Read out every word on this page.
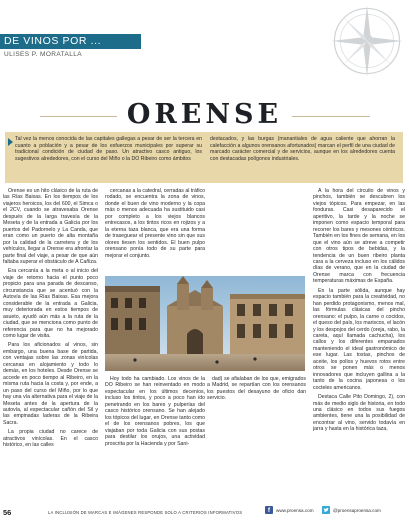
DE VINOS POR ...
ULISES P. MORATALLA
ORENSE
Tal vez la menos conocida de las capitales gallegas a pesar de ser la tercera en cuanto a población y a pesar de los esfuerzos municipales por superar su tradicional condición de ciudad de paso. Un atractivo casco antiguo, los sugestivos alrededores, con el curso del Miño o la DO Ribeiro como ámbitos
destacados, y las burgas (manantiales de agua caliente que ahorran la calefacción a algunos orensanos afortunados) marcan el perfil de una ciudad de marcado carácter comercial y de servicios, aunque en los alrededores cuenta con destacadas polígonos industriales.

Orense es un hito clásico de la ruta de las Rías Baixas. En los tiempos de los viajeros heroicos, los del 600, el Simca o el 2CV, cuando se atravesaba Orense después de la larga travesía de la Meseta y de la entrada a Galicia por los puertos del Padornelo y La Canda, que eran como un puerto de alta montaña por la calidad de la carretera y de los vehículos, llegar a Orense era afrontar la parte final del viaje, a pesar de que aún faltaba superar el obstáculo de A Cañiza.

Era cercanía a la meta o al inicio del viaje de retorno hacia el punto poco propicio para una parada de descanso, circunstancia que se acentuó con la Autovía de las Rías Baixas. Esa mejora considerable de la entrada a Galicia, muy deteriorada en estos tiempos de asueto, ayudó aún más a la ruta de la ciudad, que se menciona como punto de referencia para que no ha mejorado como lugar de visita.

Para los aficionados al vinos, sin embargo, una buena base de partida, con ventajas sobre las zonas vinícolas cercanas en alojamiento y todo lo demás, en los hoteles. Desde Orense se accede en poco tiempo al Ribeiro, en la misma ruta hacia la costa y, por ende, a un paso del curso del Miño, por lo que hay una vía alternativa para el viaje de la Meseta antes de la apertura de la autovía, al espectacular cañón del Sil y las empinadas laderas de la Ribeira Sacra.

La propia ciudad no carece de atractivos vinícolas. En el casco histórico, en las calles

cercanas a la catedral, cerradas al tráfico rodado, se encuentra la zona de vinos, donde el buen de vino moderno y la copa más o menos adecuada ha sustituido casi por completo a los viejos blancos entrecasos, a los tintos ricos en rojizos y a la eterna taza blanca, que era una forma de traseguear el presente vino sin que sus olores tiesen los sentidos. El buen pulpo orensano ponía todo de su parte para mejorar el conjunto.

Hoy todo ha cambiado. Los vinos de la DO Ribeiro se han reinventado en modo espectacular en los últimos decenios, incluso los tintos, y poco a poco han ido penetrando en los bares y pulperías del casco histórico orensano. Se han alejado los tópicos del lugar, en Orense tanto como el de los orensanos pobres, los que viajaban por toda Galicia con sus postas para destilar los orujos, una actividad proscrita por la Hacienda y por Sani-

dad) se afialaban de los que, emigrados a Madrid, se repartían con los orensanos los puestos del desayuno de oficio dan servicio.

A la hora del circuito de vinos y pinchos, también se descubren los viejos tópicos. Para empezar, en las fonduras. Casi desaparecido el aperitivo, la tarde y la noche se imponen como espacio temporal para recorrer los bares y mesones céntricos. También en los fines de semana, en los que el vino aún se atreve a competir con otros tipos de bebidas, y la tendencia de un buen ribeiro planta cara a la cerveza incluso en los cálidos días de verano, que en la ciudad de Orense marca con frecuencia temperaturas máximas de España.

En la parte sólida, aunque hay espacio también para la creatividad, no han perdido protagonismo, menos mal, las fórmulas clásicas del pincho orensano: el pulpo, la carne o cocidos, el queso del país, los mariscos, el lacón y los despojos del cerdo (oreja, rabo, la careta, aquí llamada cachucha), los callos y los diferentes empanados manteniendo el ideal gastronómico de ese lugar. Las tostas, pinchos de aceite, los pollos y huevos rotos entre otros se ponen más o menos innovadores que incluyen gallina a la tanto de la cocina japonesa o los cocteles americanos.

Destaca Calle Pito Domingo, 2), con más de medio siglo de historia, en todo una clásico en todos sus fuegos ambientes, tiene una la posibilidad de encontrar al vino, servido todavía en jarra y hasta en la histórica taza,

56	LA INCLUSIÓN DE MARCAS E IMÁGENES RESPONDE SOLO A CRITERIOS INFORMATIVOS	f	www.proensa.com	@proensaproensa.com
